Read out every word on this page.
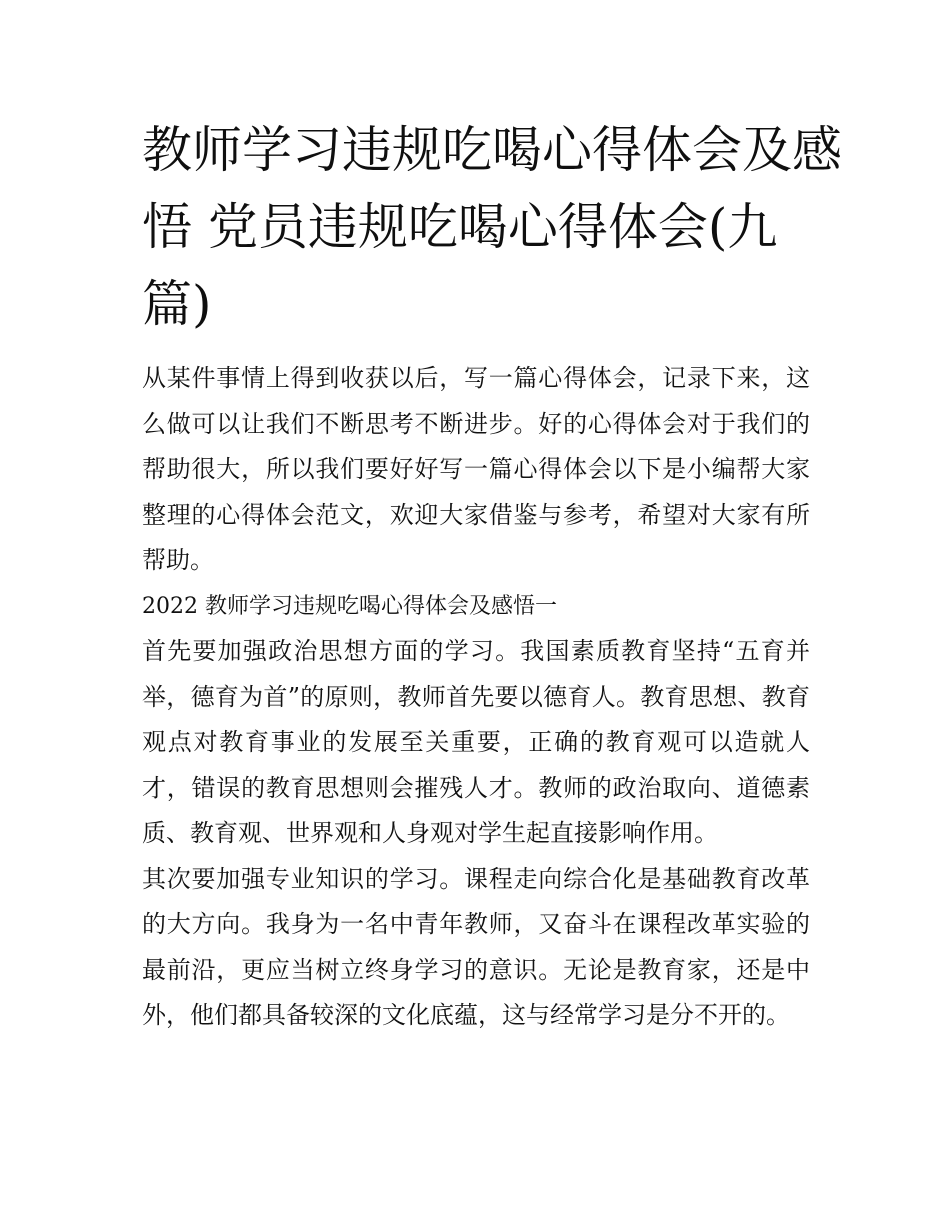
教师学习违规吃喝心得体会及感悟 党员违规吃喝心得体会(九篇)

从某件事情上得到收获以后，写一篇心得体会，记录下来，这么做可以让我们不断思考不断进步。好的心得体会对于我们的帮助很大，所以我们要好好写一篇心得体会以下是小编帮大家整理的心得体会范文，欢迎大家借鉴与参考，希望对大家有所帮助。

2022 教师学习违规吃喝心得体会及感悟一

首先要加强政治思想方面的学习。我国素质教育坚持“五育并举，德育为首”的原则，教师首先要以德育人。教育思想、教育观点对教育事业的发展至关重要，正确的教育观可以造就人才，错误的教育思想则会摧残人才。教师的政治取向、道德素质、教育观、世界观和人身观对学生起直接影响作用。

其次要加强专业知识的学习。课程走向综合化是基础教育改革的大方向。我身为一名中青年教师，又奋斗在课程改革实验的最前沿，更应当树立终身学习的意识。无论是教育家，还是中外，他们都具备较深的文化底蕴，这与经常学习是分不开的。
